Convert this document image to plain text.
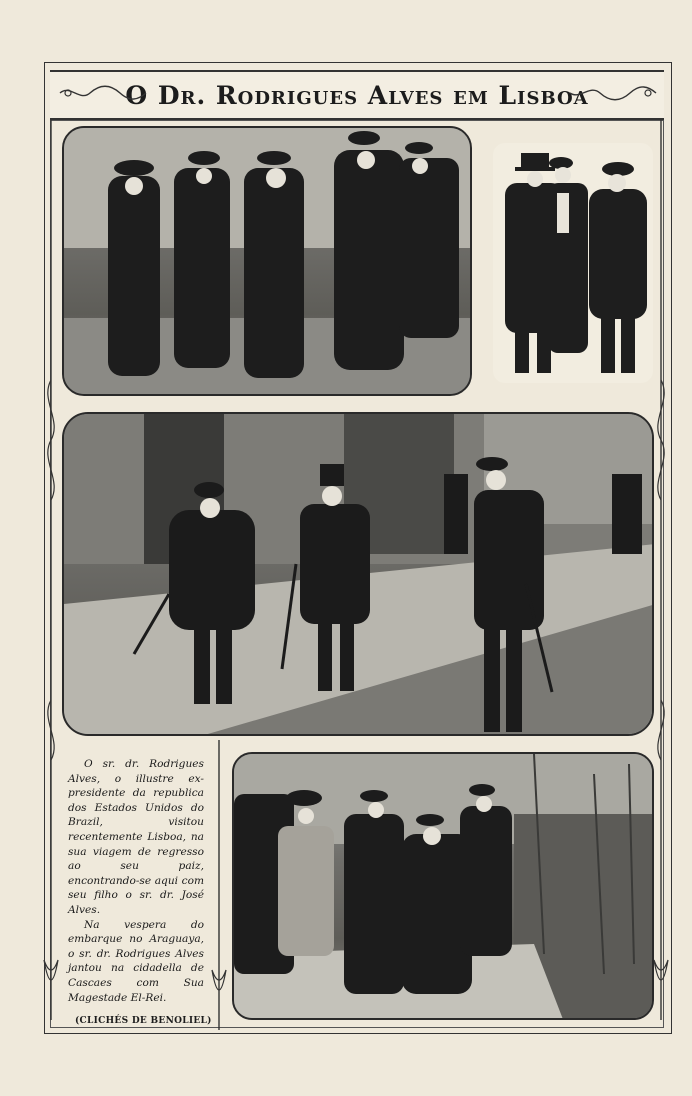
O Dr. Rodrigues Alves em Lisboa

O sr. dr. Rodrigues Alves, o illustre ex-presidente da republica dos Estados Unidos do Brazil, visitou recentemente Lisboa, na sua viagem de regresso ao seu paiz, encontrando-se aqui com seu filho o sr. dr. José Alves.

Na vespera do embarque no Araguaya, o sr. dr. Rodrigues Alves jantou na cidadella de Cascaes com Sua Magestade El-Rei.

(CLICHÉS DE BENOLIEL)
